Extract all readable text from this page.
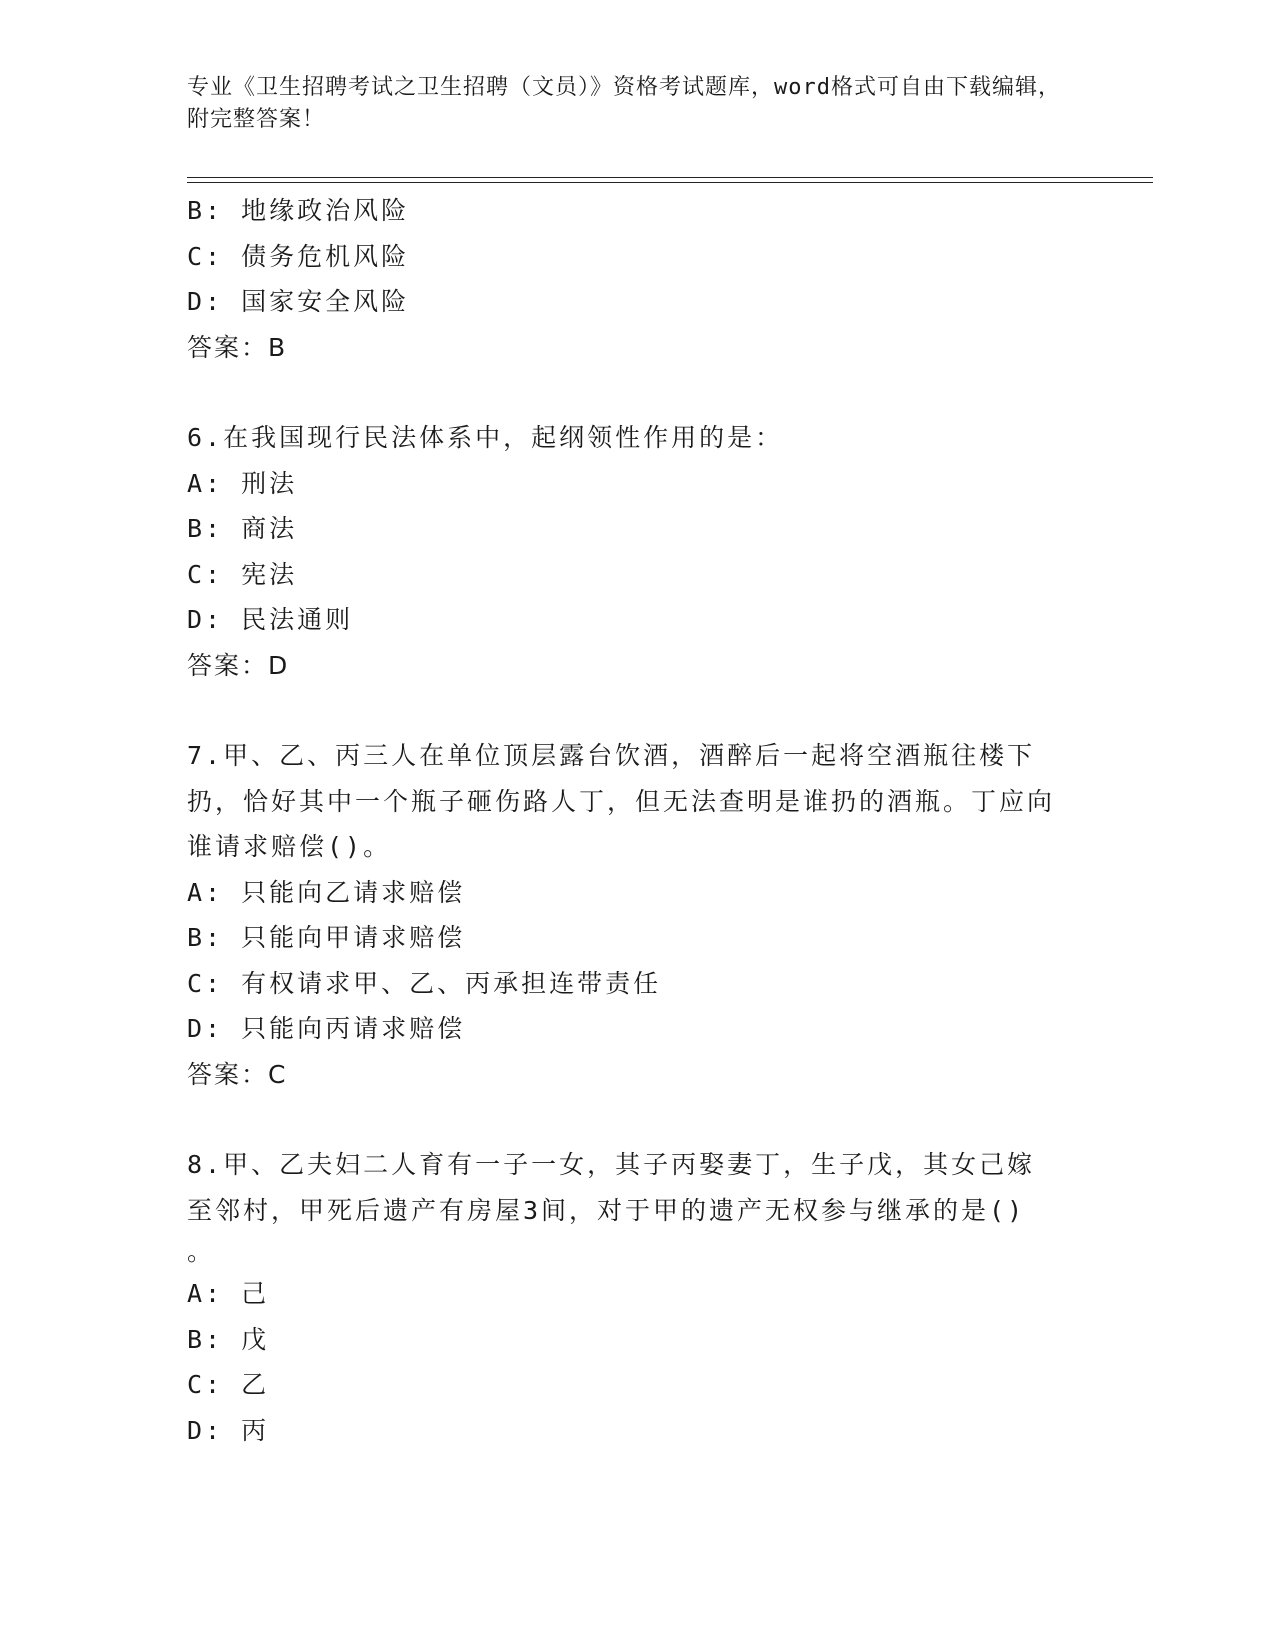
专业《卫生招聘考试之卫生招聘（文员）》资格考试题库，word格式可自由下载编辑，附完整答案！
B: 地缘政治风险
C: 债务危机风险
D: 国家安全风险
答案：B
6.在我国现行民法体系中，起纲领性作用的是：
A: 刑法
B: 商法
C: 宪法
D: 民法通则
答案：D
7.甲、乙、丙三人在单位顶层露台饮酒，酒醉后一起将空酒瓶往楼下扔，恰好其中一个瓶子砸伤路人丁，但无法查明是谁扔的酒瓶。丁应向谁请求赔偿()。
A: 只能向乙请求赔偿
B: 只能向甲请求赔偿
C: 有权请求甲、乙、丙承担连带责任
D: 只能向丙请求赔偿
答案：C
8.甲、乙夫妇二人育有一子一女，其子丙娶妻丁，生子戊，其女己嫁
至邻村，甲死后遗产有房屋3间，对于甲的遗产无权参与继承的是()
。
A: 己
B: 戊
C: 乙
D: 丙
